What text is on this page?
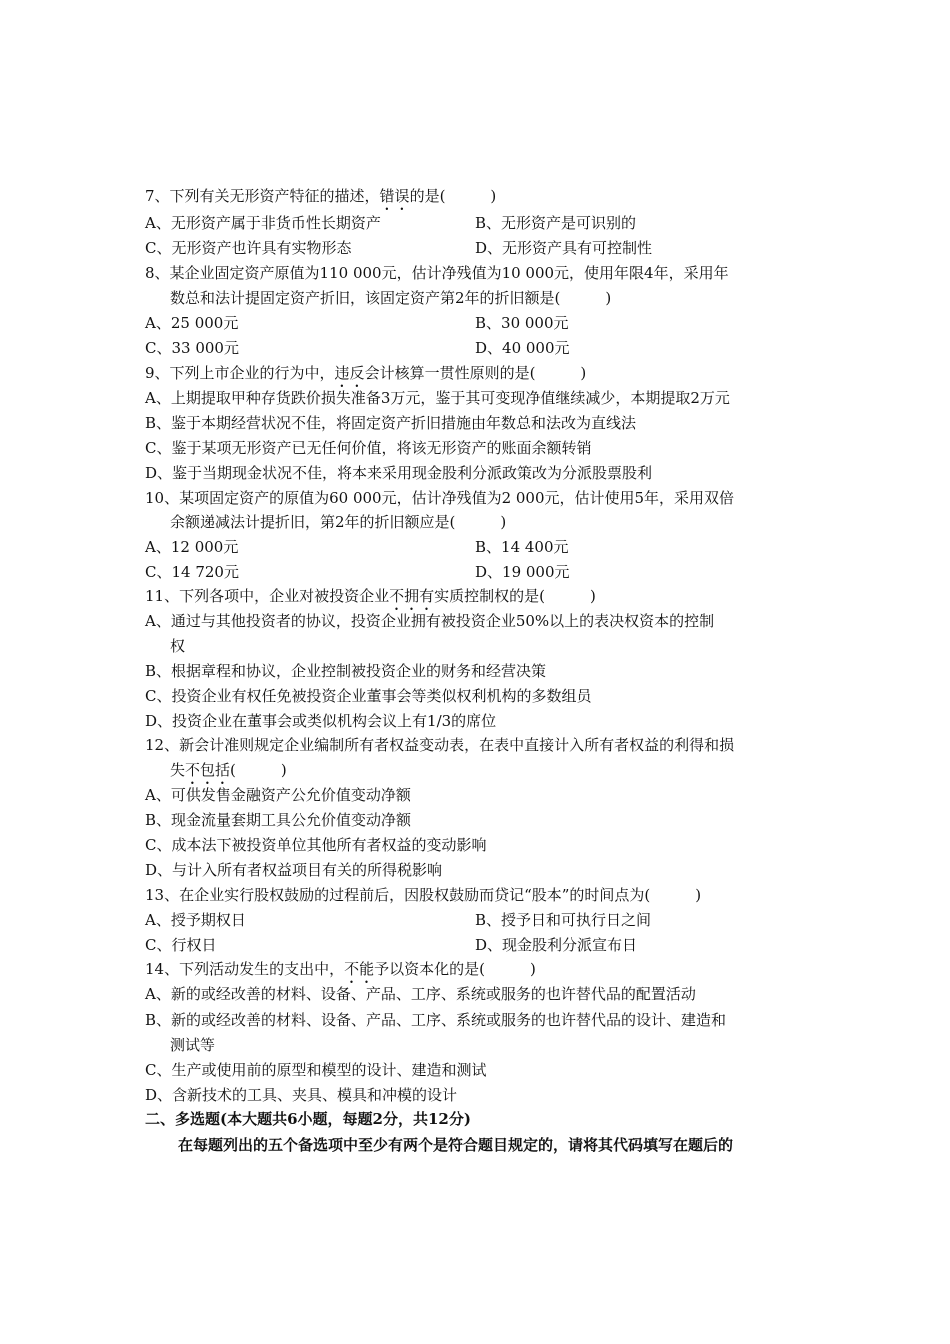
7、下列有关无形资产特征的描述，错误的是(　　　)
A、无形资产属于非货币性长期资产	B、无形资产是可识别的
C、无形资产也许具有实物形态	D、无形资产具有可控制性
8、某企业固定资产原值为110 000元，估计净残值为10 000元，使用年限4年，采用年
数总和法计提固定资产折旧，该固定资产第2年的折旧额是(　　　)
A、25 000元	B、30 000元
C、33 000元	D、40 000元
9、下列上市企业的行为中，违反会计核算一贯性原则的是(　　　)
A、上期提取甲种存货跌价损失准备3万元，鉴于其可变现净值继续减少，本期提取2万元
B、鉴于本期经营状况不佳，将固定资产折旧措施由年数总和法改为直线法
C、鉴于某项无形资产已无任何价值，将该无形资产的账面余额转销
D、鉴于当期现金状况不佳，将本来采用现金股利分派政策改为分派股票股利
10、某项固定资产的原值为60 000元，估计净残值为2 000元，估计使用5年，采用双倍
余额递减法计提折旧，第2年的折旧额应是(　　　)
A、12 000元	B、14 400元
C、14 720元	D、19 000元
11、下列各项中，企业对被投资企业不拥有实质控制权的是(　　　)
A、通过与其他投资者的协议，投资企业拥有被投资企业50%以上的表决权资本的控制
权
B、根据章程和协议，企业控制被投资企业的财务和经营决策
C、投资企业有权任免被投资企业董事会等类似权利机构的多数组员
D、投资企业在董事会或类似机构会议上有1/3的席位
12、新会计准则规定企业编制所有者权益变动表，在表中直接计入所有者权益的利得和损
失不包括(　　　)
A、可供发售金融资产公允价值变动净额
B、现金流量套期工具公允价值变动净额
C、成本法下被投资单位其他所有者权益的变动影响
D、与计入所有者权益项目有关的所得税影响
13、在企业实行股权鼓励的过程前后，因股权鼓励而贷记“股本”的时间点为(　　　)
A、授予期权日	B、授予日和可执行日之间
C、行权日	D、现金股利分派宣布日
14、下列活动发生的支出中，不能予以资本化的是(　　　)
A、新的或经改善的材料、设备、产品、工序、系统或服务的也许替代品的配置活动
B、新的或经改善的材料、设备、产品、工序、系统或服务的也许替代品的设计、建造和
测试等
C、生产或使用前的原型和模型的设计、建造和测试
D、含新技术的工具、夹具、模具和冲模的设计
二、多选题(本大题共6小题，每题2分，共12分)
在每题列出的五个备选项中至少有两个是符合题目规定的，请将其代码填写在题后的
